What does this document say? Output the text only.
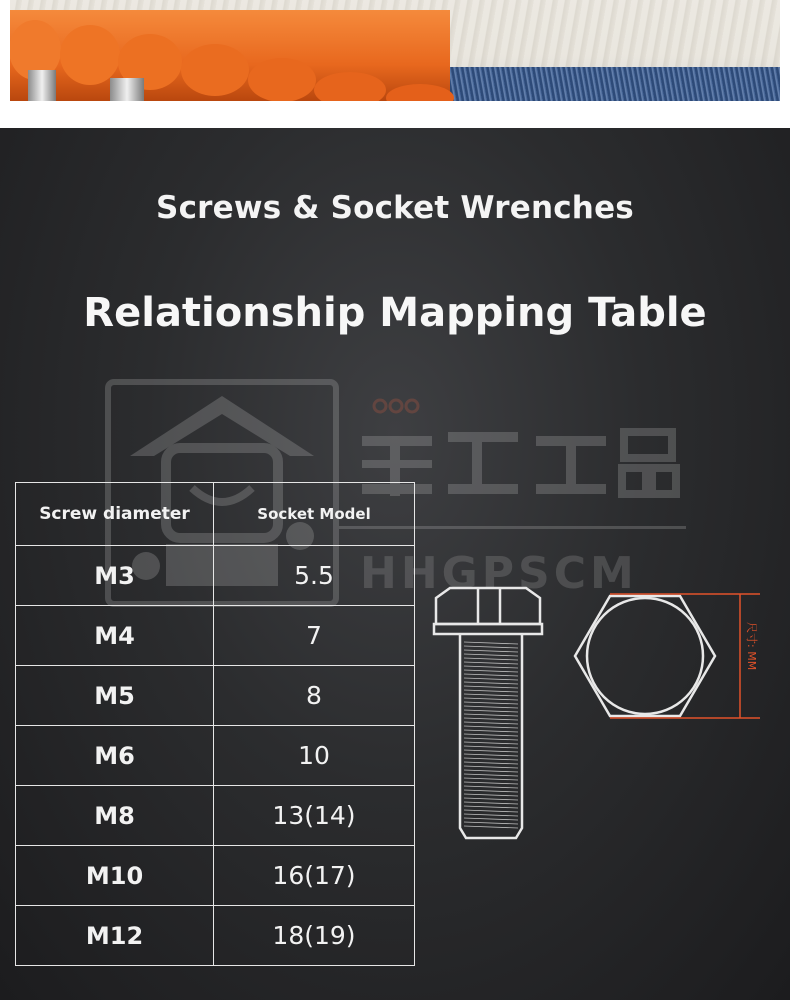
Screws & Socket Wrenches
Relationship Mapping Table
HHGPSCM
Screw diameter	Socket Model
M3	5.5
M4	7
M5	8
M6	10
M8	13(14)
M10	16(17)
M12	18(19)
尺寸: MM
